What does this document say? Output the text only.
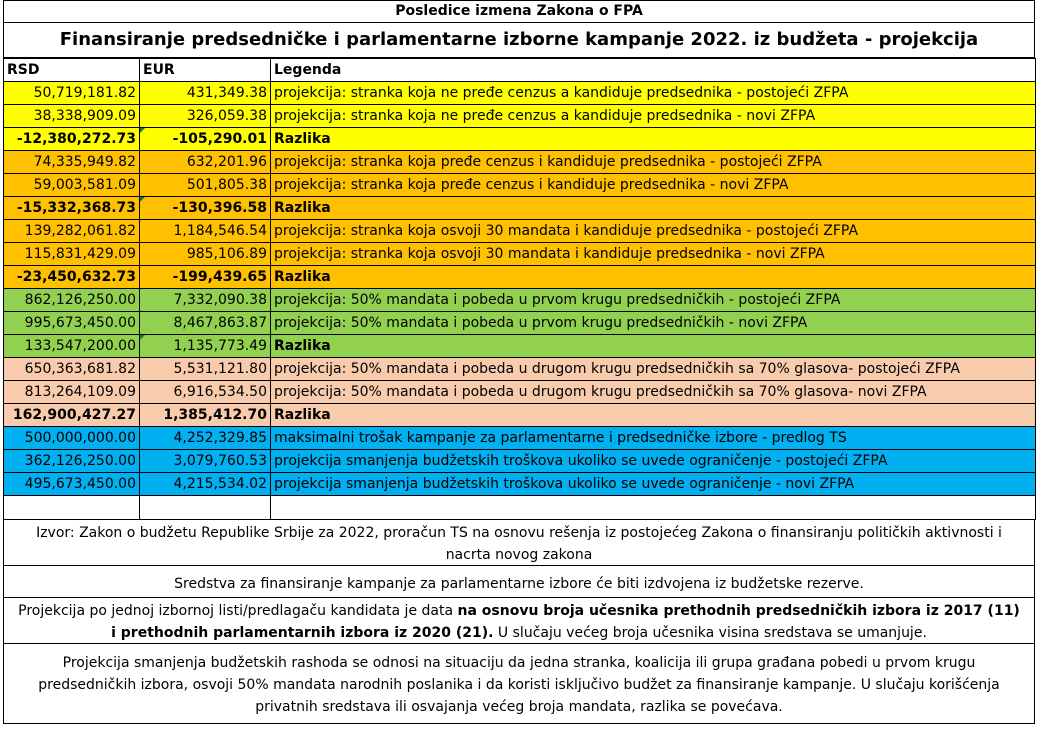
Posledice izmena Zakona o FPA
Finansiranje predsedničke i parlamentarne izborne kampanje 2022. iz budžeta - projekcija
RSD	EUR	Legenda
50,719,181.82	431,349.38	projekcija: stranka koja ne pređe cenzus a kandiduje predsednika - postojeći ZFPA
38,338,909.09	326,059.38	projekcija: stranka koja ne pređe cenzus a kandiduje predsednika - novi ZFPA
-12,380,272.73	-105,290.01	Razlika
74,335,949.82	632,201.96	projekcija: stranka koja pređe cenzus i kandiduje predsednika - postojeći ZFPA
59,003,581.09	501,805.38	projekcija: stranka koja pređe cenzus i kandiduje predsednika - novi ZFPA
-15,332,368.73	-130,396.58	Razlika
139,282,061.82	1,184,546.54	projekcija: stranka koja osvoji 30 mandata i kandiduje predsednika - postojeći ZFPA
115,831,429.09	985,106.89	projekcija: stranka koja osvoji 30 mandata i kandiduje predsednika - novi ZFPA
-23,450,632.73	-199,439.65	Razlika
862,126,250.00	7,332,090.38	projekcija: 50% mandata i pobeda u prvom krugu predsedničkih - postojeći ZFPA
995,673,450.00	8,467,863.87	projekcija: 50% mandata i pobeda u prvom krugu predsedničkih - novi ZFPA
133,547,200.00	1,135,773.49	Razlika
650,363,681.82	5,531,121.80	projekcija: 50% mandata i pobeda u drugom krugu predsedničkih sa 70% glasova- postojeći ZFPA
813,264,109.09	6,916,534.50	projekcija: 50% mandata i pobeda u drugom krugu predsedničkih sa 70% glasova- novi ZFPA
162,900,427.27	1,385,412.70	Razlika
500,000,000.00	4,252,329.85	maksimalni trošak kampanje za parlamentarne i predsedničke izbore - predlog TS
362,126,250.00	3,079,760.53	projekcija smanjenja budžetskih troškova ukoliko se uvede ograničenje - postojeći ZFPA
495,673,450.00	4,215,534.02	projekcija smanjenja budžetskih troškova ukoliko se uvede ograničenje - novi ZFPA

Izvor: Zakon o budžetu Republike Srbije za 2022, proračun TS na osnovu rešenja iz postojećeg Zakona o finansiranju političkih aktivnosti i nacrta novog zakona
Sredstva za finansiranje kampanje za parlamentarne izbore će biti izdvojena iz budžetske rezerve.
Projekcija po jednoj izbornoj listi/predlagaču kandidata je data na osnovu broja učesnika prethodnih predsedničkih izbora iz 2017 (11) i prethodnih parlamentarnih izbora iz 2020 (21). U slučaju većeg broja učesnika visina sredstava se umanjuje.
Projekcija smanjenja budžetskih rashoda se odnosi na situaciju da jedna stranka, koalicija ili grupa građana pobedi u prvom krugu predsedničkih izbora, osvoji 50% mandata narodnih poslanika i da koristi isključivo budžet za finansiranje kampanje. U slučaju korišćenja privatnih sredstava ili osvajanja većeg broja mandata, razlika se povećava.
